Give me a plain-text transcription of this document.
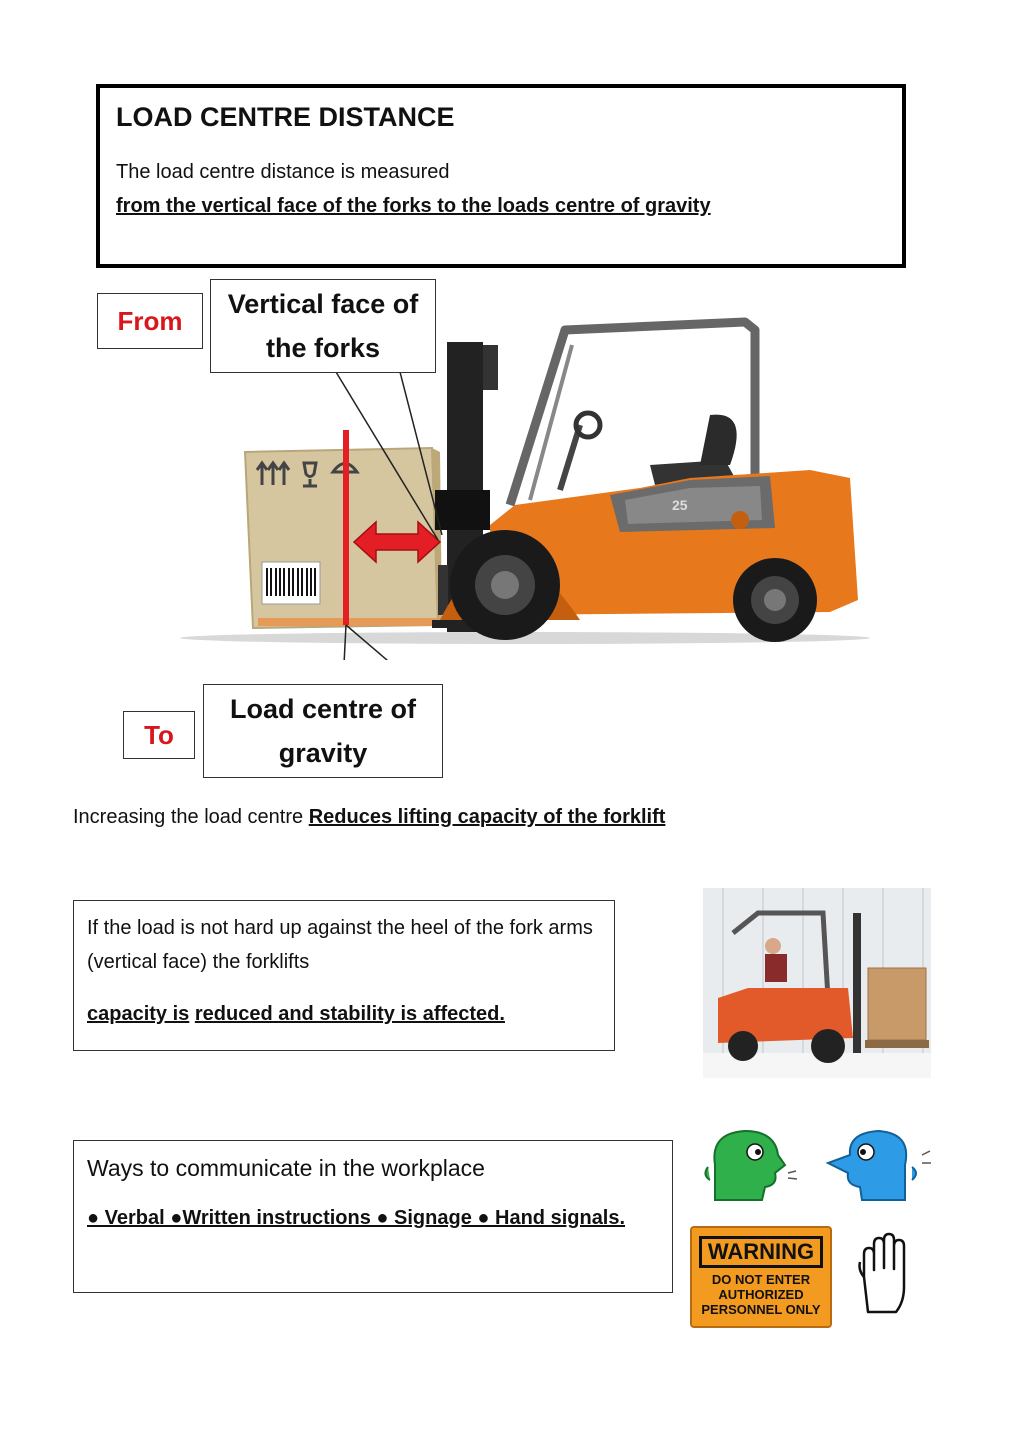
LOAD CENTRE DISTANCE

The load centre distance is measured

from the vertical face of the forks to the loads centre of gravity

25
From
Vertical face of the forks
To
Load centre of gravity
Increasing the load centre Reduces lifting capacity of the forklift
If the load is not hard up against the heel of the fork arms (vertical face) the forklifts
capacity is reduced and stability is affected.
Ways to communicate in the workplace
● Verbal ●Written instructions ● Signage ● Hand signals.
WARNING
DO NOT ENTER
AUTHORIZED
PERSONNEL ONLY
